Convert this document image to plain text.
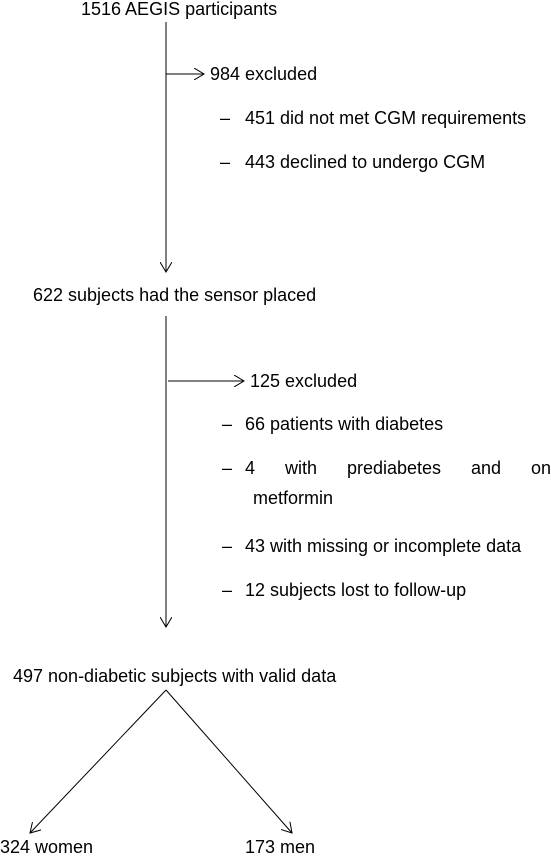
1516 AEGIS participants
984 excluded
– 451 did not met CGM requirements
– 443 declined to undergo CGM
622 subjects had the sensor placed
125 excluded
– 66 patients with diabetes
– 4 with prediabetes and on
metformin
– 43 with missing or incomplete data
– 12 subjects lost to follow-up
497 non-diabetic subjects with valid data
324 women	173 men
